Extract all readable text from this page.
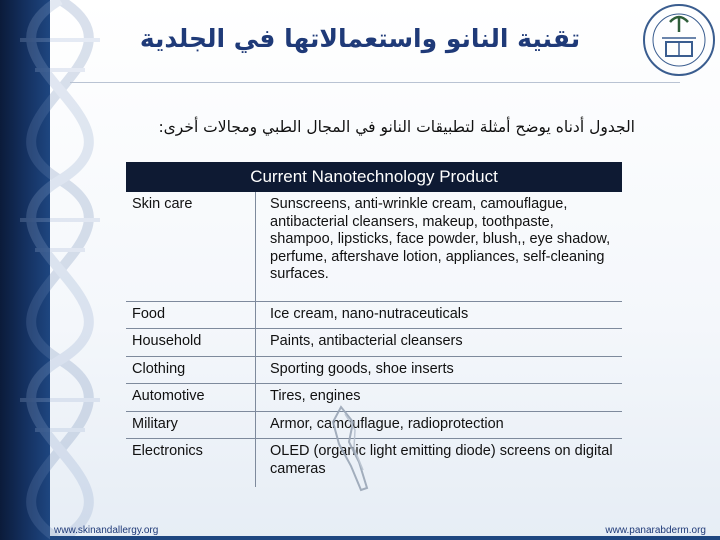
تقنية النانو واستعمالاتها في الجلدية
الجدول أدناه يوضح أمثلة لتطبيقات النانو في المجال الطبي ومجالات أخرى:
Current Nanotechnology Product
Skin care	Sunscreens, anti-wrinkle cream, camouflague, antibacterial cleansers, makeup, toothpaste, shampoo, lipsticks, face powder, blush,, eye shadow, perfume, aftershave lotion, appliances, self-cleaning surfaces.
Food	Ice cream, nano-nutraceuticals
Household	Paints, antibacterial cleansers
Clothing	Sporting goods, shoe inserts
Automotive	Tires, engines
Military	Armor, camouflague, radioprotection
Electronics	OLED (organic light emitting diode) screens on digital cameras
www.skinandallergy.org	www.panarabderm.org
